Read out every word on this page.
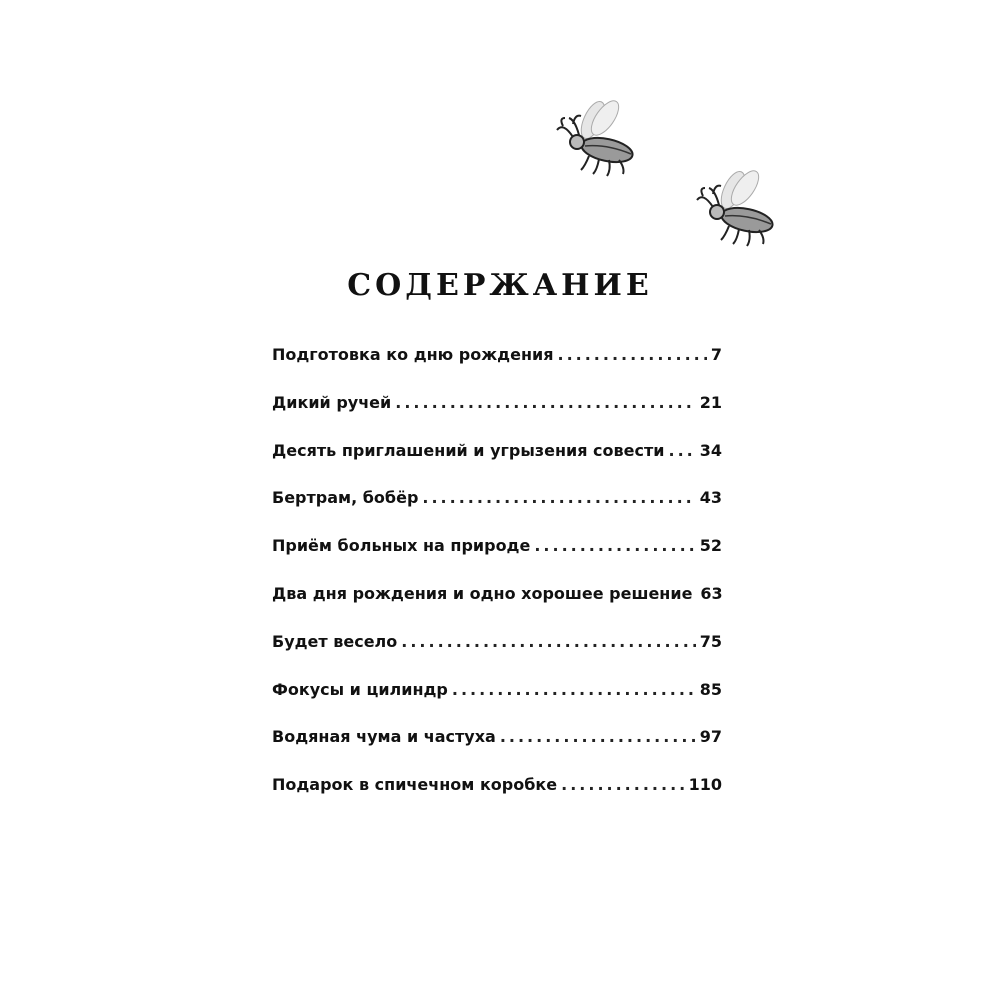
СОДЕРЖАНИЕ
Подготовка ко дню рождения .....	7
Дикий ручей .....	21
Десять приглашений и угрызения совести ..... 34
Бертрам, бобёр .....	43
Приём больных на природе .....	52
Два дня рождения и одно хорошее решение 63
Будет весело .....	75
Фокусы и цилиндр .....	85
Водяная чума и частуха .....	97
Подарок в спичечном коробке .....	110
